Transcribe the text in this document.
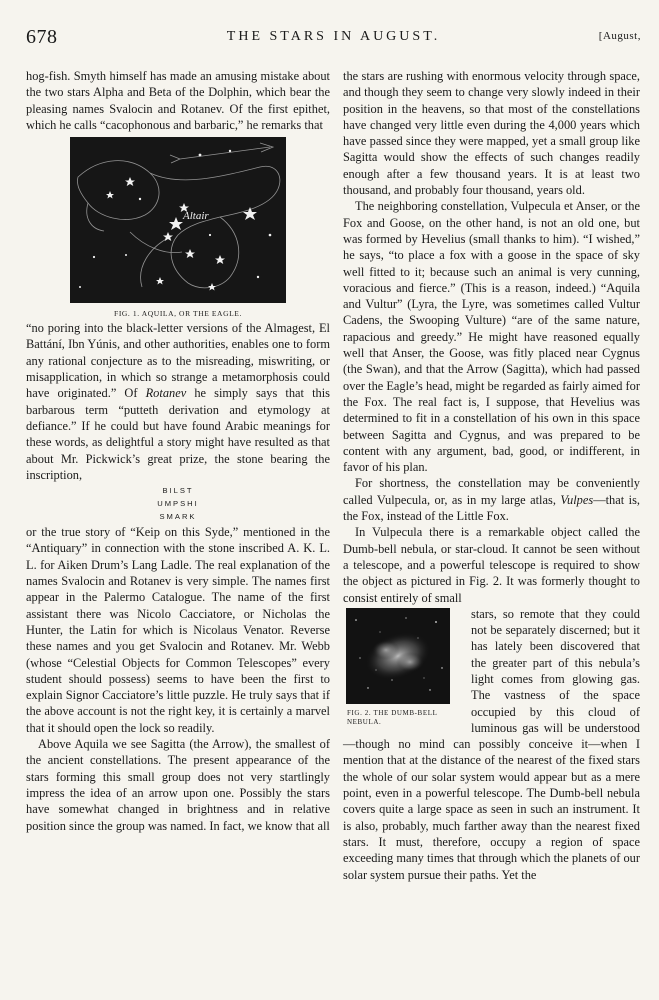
678	THE STARS IN AUGUST.	[August,

hog-fish. Smyth himself has made an amusing mistake about the two stars Alpha and Beta of the Dolphin, which bear the pleasing names Svalocin and Rotanev. Of the first epithet, which he calls “cacophonous and barbaric,” he remarks that

Altair
FIG. 1. AQUILA, OR THE EAGLE.

“no poring into the black-letter versions of the Almagest, El Battání, Ibn Yúnis, and other authorities, enables one to form any rational conjecture as to the misreading, miswriting, or misapplication, in which so strange a metamorphosis could have originated.” Of Rotanev he simply says that this barbarous term “putteth derivation and etymology at defiance.” If he could but have found Arabic meanings for these words, as delightful a story might have resulted as that about Mr. Pickwick’s great prize, the stone bearing the inscription,

BILST
UMPSHI
SMARK

or the true story of “Keip on this Syde,” mentioned in the “Antiquary” in connection with the stone inscribed A. K. L. L. for Aiken Drum’s Lang Ladle. The real explanation of the names Svalocin and Rotanev is very simple. The names first appear in the Palermo Catalogue. The name of the first assistant there was Nicolo Cacciatore, or Nicholas the Hunter, the Latin for which is Nicolaus Venator. Reverse these names and you get Svalocin and Rotanev. Mr. Webb (whose “Celestial Objects for Common Telescopes” every student should possess) seems to have been the first to explain Signor Cacciatore’s little puzzle. He truly says that if the above account is not the right key, it is certainly a marvel that it should open the lock so readily.

Above Aquila we see Sagitta (the Arrow), the smallest of the ancient constellations. The present appearance of the stars forming this small group does not very startlingly impress the idea of an arrow upon one. Possibly the stars have somewhat changed in brightness and in relative position since the group was named. In fact, we know that all

the stars are rushing with enormous velocity through space, and though they seem to change very slowly indeed in their position in the heavens, so that most of the constellations have changed very little even during the 4,000 years which have passed since they were mapped, yet a small group like Sagitta would show the effects of such changes readily enough after a few thousand years. It is at least two thousand, and probably four thousand, years old.

The neighboring constellation, Vulpecula et Anser, or the Fox and Goose, on the other hand, is not an old one, but was formed by Hevelius (small thanks to him). “I wished,” he says, “to place a fox with a goose in the space of sky well fitted to it; because such an animal is very cunning, voracious and fierce.” (This is a reason, indeed.) “Aquila and Vultur” (Lyra, the Lyre, was sometimes called Vultur Cadens, the Swooping Vulture) “are of the same nature, rapacious and greedy.” He might have reasoned equally well that Anser, the Goose, was fitly placed near Cygnus (the Swan), and that the Arrow (Sagitta), which had passed over the Eagle’s head, might be regarded as fairly aimed for the Fox. The real fact is, I suppose, that Hevelius was determined to fit in a constellation of his own in this space between Sagitta and Cygnus, and was prepared to be content with any argument, bad, good, or indifferent, in favor of his plan.

For shortness, the constellation may be conveniently called Vulpecula, or, as in my large atlas, Vulpes—that is, the Fox, instead of the Little Fox.

In Vulpecula there is a remarkable object called the Dumb-bell nebula, or star-cloud. It cannot be seen without a telescope, and a powerful telescope is required to show the object as pictured in Fig. 2. It was formerly thought to consist entirely of small

FIG. 2. THE DUMB-BELL NEBULA.

stars, so remote that they could not be separately discerned; but it has lately been discovered that the greater part of this nebula’s light comes from glowing gas. The vastness of the space occupied by this cloud of luminous gas will be understood—though no mind can possibly conceive it—when I mention that at the distance of the nearest of the fixed stars the whole of our solar system would appear but as a mere point, even in a powerful telescope. The Dumb-bell nebula covers quite a large space as seen in such an instrument. It is also, probably, much farther away than the nearest fixed stars. It must, therefore, occupy a region of space exceeding many times that through which the planets of our solar system pursue their paths. Yet the
